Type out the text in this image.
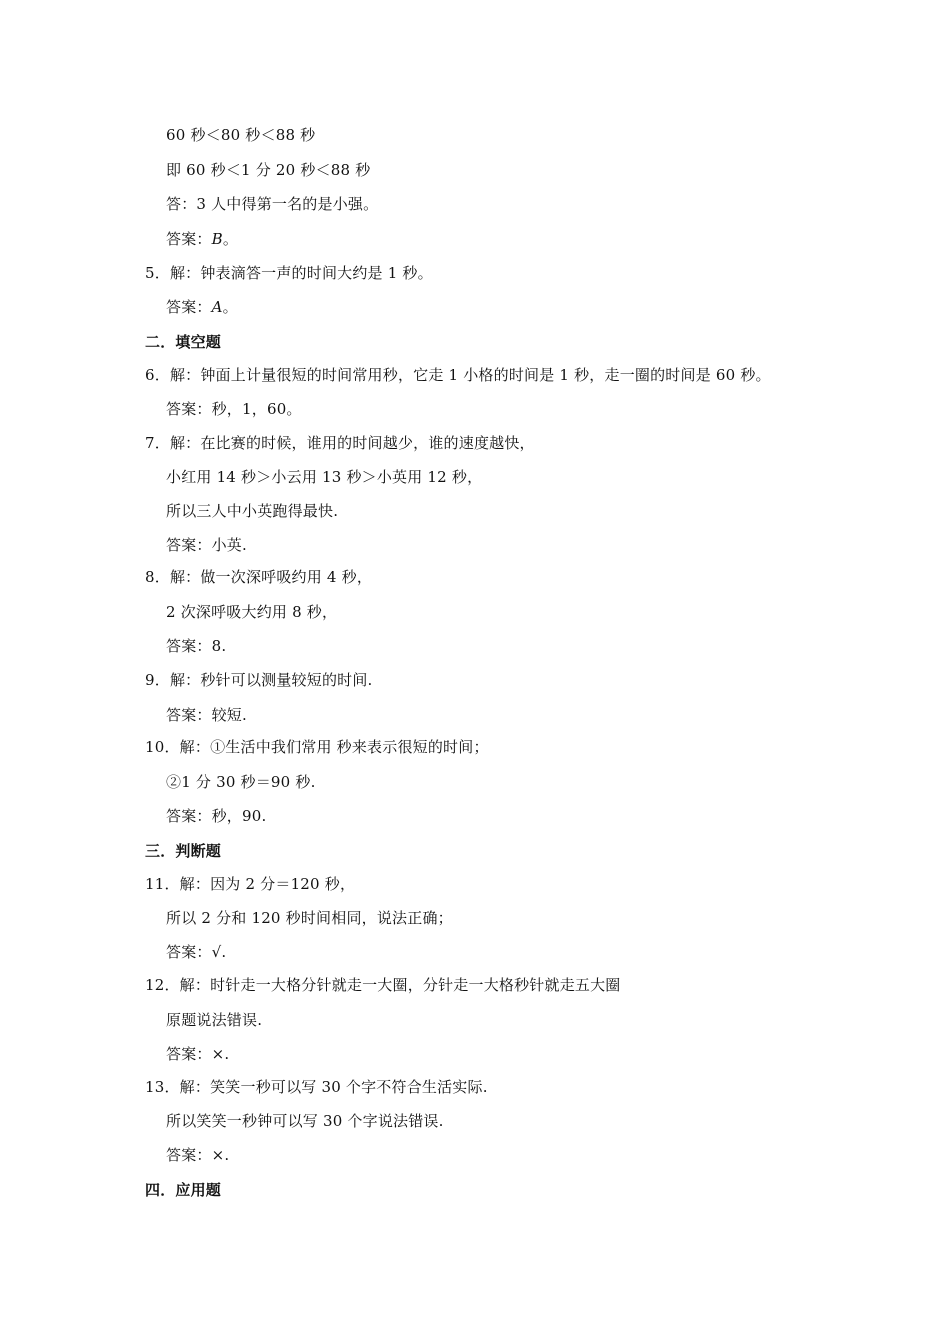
60 秒＜80 秒＜88 秒
即 60 秒＜1 分 20 秒＜88 秒
答：3 人中得第一名的是小强。
答案：B。
5．解：钟表滴答一声的时间大约是 1 秒。
答案：A。
二．填空题
6．解：钟面上计量很短的时间常用秒，它走 1 小格的时间是 1 秒，走一圈的时间是 60 秒。
答案：秒，1，60。
7．解：在比赛的时候，谁用的时间越少，谁的速度越快，
小红用 14 秒＞小云用 13 秒＞小英用 12 秒，
所以三人中小英跑得最快.
答案：小英.
8．解：做一次深呼吸约用 4 秒，
2 次深呼吸大约用 8 秒，
答案：8.
9．解：秒针可以测量较短的时间.
答案：较短.
10．解：①生活中我们常用 秒来表示很短的时间；
②1 分 30 秒＝90 秒.
答案：秒，90.
三．判断题
11．解：因为 2 分＝120 秒，
所以 2 分和 120 秒时间相同，说法正确；
答案：√.
12．解：时针走一大格分针就走一大圈，分针走一大格秒针就走五大圈
原题说法错误.
答案：×.
13．解：笑笑一秒可以写 30 个字不符合生活实际.
所以笑笑一秒钟可以写 30 个字说法错误.
答案：×.
四．应用题
